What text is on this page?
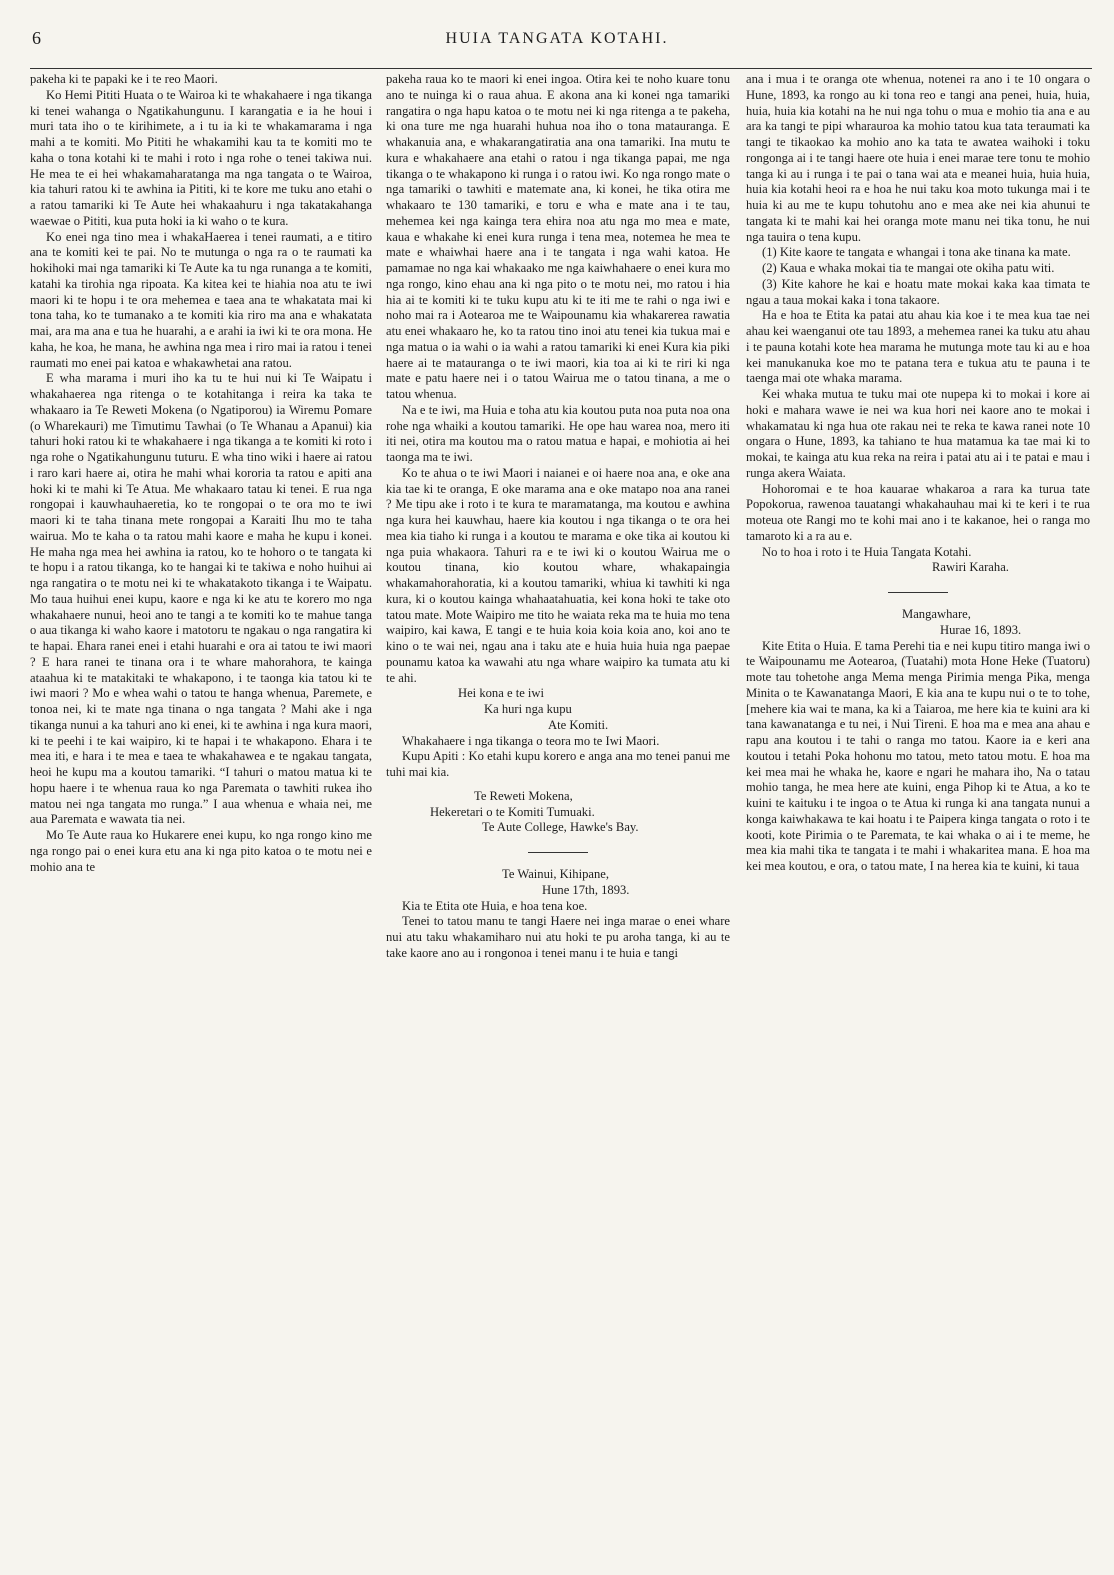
6	HUIA TANGATA KOTAHI.

pakeha ki te papaki ke i te reo Maori.

Ko Hemi Pititi Huata o te Wairoa ki te whakahaere i nga tikanga ki tenei wahanga o Ngatikahungunu. I karangatia e ia he houi i muri tata iho o te kirihimete, a i tu ia ki te whakamarama i nga mahi a te komiti. Mo Pititi he whakamihi kau ta te komiti mo te kaha o tona kotahi ki te mahi i roto i nga rohe o tenei takiwa nui. He mea te ei hei whakamaharatanga ma nga tangata o te Wairoa, kia tahuri ratou ki te awhina ia Pititi, ki te kore me tuku ano etahi o a ratou tamariki ki Te Aute hei whakaahuru i nga takatakahanga waewae o Pititi, kua puta hoki ia ki waho o te kura.

Ko enei nga tino mea i whakaHaerea i tenei raumati, a e titiro ana te komiti kei te pai. No te mutunga o nga ra o te raumati ka hokihoki mai nga tamariki ki Te Aute ka tu nga runanga a te komiti, katahi ka tirohia nga ripoata. Ka kitea kei te hiahia noa atu te iwi maori ki te hopu i te ora mehemea e taea ana te whakatata mai ki tona taha, ko te tumanako a te komiti kia riro ma ana e whakatata mai, ara ma ana e tua he huarahi, a e arahi ia iwi ki te ora mona. He kaha, he koa, he mana, he awhina nga mea i riro mai ia ratou i tenei raumati mo enei pai katoa e whakawhetai ana ratou.

E wha marama i muri iho ka tu te hui nui ki Te Waipatu i whakahaerea nga ritenga o te kotahitanga i reira ka taka te whakaaro ia Te Reweti Mokena (o Ngatiporou) ia Wiremu Pomare (o Wharekauri) me Timutimu Tawhai (o Te Whanau a Apanui) kia tahuri hoki ratou ki te whakahaere i nga tikanga a te komiti ki roto i nga rohe o Ngatikahungunu tuturu. E wha tino wiki i haere ai ratou i raro kari haere ai, otira he mahi whai kororia ta ratou e apiti ana hoki ki te mahi ki Te Atua. Me whakaaro tatau ki tenei. E rua nga rongopai i kauwhauhaeretia, ko te rongopai o te ora mo te iwi maori ki te taha tinana mete rongopai a Karaiti Ihu mo te taha wairua. Mo te kaha o ta ratou mahi kaore e maha he kupu i konei. He maha nga mea hei awhina ia ratou, ko te hohoro o te tangata ki te hopu i a ratou tikanga, ko te hangai ki te takiwa e noho huihui ai nga rangatira o te motu nei ki te whakatakoto tikanga i te Waipatu. Mo taua huihui enei kupu, kaore e nga ki ke atu te korero mo nga whakahaere nunui, heoi ano te tangi a te komiti ko te mahue tanga o aua tikanga ki waho kaore i matotoru te ngakau o nga rangatira ki te hapai. Ehara ranei enei i etahi huarahi e ora ai tatou te iwi maori ? E hara ranei te tinana ora i te whare mahorahora, te kainga ataahua ki te matakitaki te whakapono, i te taonga kia tatou ki te iwi maori ? Mo e whea wahi o tatou te hanga whenua, Paremete, e tonoa nei, ki te mate nga tinana o nga tangata ? Mahi ake i nga tikanga nunui a ka tahuri ano ki enei, ki te awhina i nga kura maori, ki te peehi i te kai waipiro, ki te hapai i te whakapono. Ehara i te mea iti, e hara i te mea e taea te whakahawea e te ngakau tangata, heoi he kupu ma a koutou tamariki. “I tahuri o matou matua ki te hopu haere i te whenua raua ko nga Paremata o tawhiti rukea iho matou nei nga tangata mo runga.” I aua whenua e whaia nei, me aua Paremata e wawata tia nei.

Mo Te Aute raua ko Hukarere enei kupu, ko nga rongo kino me nga rongo pai o enei kura etu ana ki nga pito katoa o te motu nei e mohio ana te

pakeha raua ko te maori ki enei ingoa. Otira kei te noho kuare tonu ano te nuinga ki o raua ahua. E akona ana ki konei nga tamariki rangatira o nga hapu katoa o te motu nei ki nga ritenga a te pakeha, ki ona ture me nga huarahi huhua noa iho o tona matauranga. E whakanuia ana, e whakarangatiratia ana ona tamariki. Ina mutu te kura e whakahaere ana etahi o ratou i nga tikanga papai, me nga tikanga o te whakapono ki runga i o ratou iwi. Ko nga rongo mate o nga tamariki o tawhiti e matemate ana, ki konei, he tika otira me whakaaro te 130 tamariki, e toru e wha e mate ana i te tau, mehemea kei nga kainga tera ehira noa atu nga mo mea e mate, kaua e whakahe ki enei kura runga i tena mea, notemea he mea te mate e whaiwhai haere ana i te tangata i nga wahi katoa. He pamamae no nga kai whakaako me nga kaiwhahaere o enei kura mo nga rongo, kino ehau ana ki nga pito o te motu nei, mo ratou i hia hia ai te komiti ki te tuku kupu atu ki te iti me te rahi o nga iwi e noho mai ra i Aotearoa me te Waipounamu kia whakarerea rawatia atu enei whakaaro he, ko ta ratou tino inoi atu tenei kia tukua mai e nga matua o ia wahi o ia wahi a ratou tamariki ki enei Kura kia piki haere ai te matauranga o te iwi maori, kia toa ai ki te riri ki nga mate e patu haere nei i o tatou Wairua me o tatou tinana, a me o tatou whenua.

Na e te iwi, ma Huia e toha atu kia koutou puta noa puta noa ona rohe nga whaiki a koutou tamariki. He ope hau warea noa, mero iti iti nei, otira ma koutou ma o ratou matua e hapai, e mohiotia ai hei taonga ma te iwi.

Ko te ahua o te iwi Maori i naianei e oi haere noa ana, e oke ana kia tae ki te oranga, E oke marama ana e oke matapo noa ana ranei ? Me tipu ake i roto i te kura te maramatanga, ma koutou e awhina nga kura hei kauwhau, haere kia koutou i nga tikanga o te ora hei mea kia tiaho ki runga i a koutou te marama e oke tika ai koutou ki nga puia whakaora. Tahuri ra e te iwi ki o koutou Wairua me o koutou tinana, kio koutou whare, whakapaingia whakamahorahoratia, ki a koutou tamariki, whiua ki tawhiti ki nga kura, ki o koutou kainga whahaatahuatia, kei kona hoki te take oto tatou mate. Mote Waipiro me tito he waiata reka ma te huia mo tena waipiro, kai kawa, E tangi e te huia koia koia koia ano, koi ano te kino o te wai nei, ngau ana i taku ate e huia huia huia nga paepae pounamu katoa ka wawahi atu nga whare waipiro ka tumata atu ki te ahi.

Hei kona e te iwi

Ka huri nga kupu

Ate Komiti.

Whakahaere i nga tikanga o teora mo te Iwi Maori.

Kupu Apiti : Ko etahi kupu korero e anga ana mo tenei panui me tuhi mai kia.

Te Reweti Mokena,

Hekeretari o te Komiti Tumuaki.

Te Aute College, Hawke's Bay.

Te Wainui, Kihipane,

Hune 17th, 1893.

Kia te Etita ote Huia, e hoa tena koe.

Tenei to tatou manu te tangi Haere nei inga marae o enei whare nui atu taku whakamiharo nui atu hoki te pu aroha tanga, ki au te take kaore ano au i rongonoa i tenei manu i te huia e tangi

ana i mua i te oranga ote whenua, notenei ra ano i te 10 ongara o Hune, 1893, ka rongo au ki tona reo e tangi ana penei, huia, huia, huia, huia kia kotahi na he nui nga tohu o mua e mohio tia ana e au ara ka tangi te pipi wharauroa ka mohio tatou kua tata teraumati ka tangi te tikaokao ka mohio ano ka tata te awatea waihoki i toku rongonga ai i te tangi haere ote huia i enei marae tere tonu te mohio tanga ki au i runga i te pai o tana wai ata e meanei huia, huia huia, huia kia kotahi heoi ra e hoa he nui taku koa moto tukunga mai i te huia ki au me te kupu tohutohu ano e mea ake nei kia ahunui te tangata ki te mahi kai hei oranga mote manu nei tika tonu, he nui nga tauira o tena kupu.

(1) Kite kaore te tangata e whangai i tona ake tinana ka mate.

(2) Kaua e whaka mokai tia te mangai ote okiha patu witi.

(3) Kite kahore he kai e hoatu mate mokai kaka kaa timata te ngau a taua mokai kaka i tona takaore.

Ha e hoa te Etita ka patai atu ahau kia koe i te mea kua tae nei ahau kei waenganui ote tau 1893, a mehemea ranei ka tuku atu ahau i te pauna kotahi kote hea marama he mutunga mote tau ki au e hoa kei manukanuka koe mo te patana tera e tukua atu te pauna i te taenga mai ote whaka marama.

Kei whaka mutua te tuku mai ote nupepa ki to mokai i kore ai hoki e mahara wawe ie nei wa kua hori nei kaore ano te mokai i whakamatau ki nga hua ote rakau nei te reka te kawa ranei note 10 ongara o Hune, 1893, ka tahiano te hua matamua ka tae mai ki to mokai, te kainga atu kua reka na reira i patai atu ai i te patai e mau i runga akera Waiata.

Hohoromai e te hoa kauarae whakaroa a rara ka turua tate Popokorua, rawenoa tauatangi whakahauhau mai ki te keri i te rua moteua ote Rangi mo te kohi mai ano i te kakanoe, hei o ranga mo tamaroto ki a ra au e.

No to hoa i roto i te Huia Tangata Kotahi.

Rawiri Karaha.

Mangawhare,

Hurae 16, 1893.

Kite Etita o Huia. E tama Perehi tia e nei kupu titiro manga iwi o te Waipounamu me Aotearoa, (Tuatahi) mota Hone Heke (Tuatoru) mote tau tohetohe anga Mema menga Pirimia menga Pika, menga Minita o te Kawanatanga Maori, E kia ana te kupu nui o te to tohe, [mehere kia wai te mana, ka ki a Taiaroa, me here kia te kuini ara ki tana kawanatanga e tu nei, i Nui Tireni. E hoa ma e mea ana ahau e rapu ana koutou i te tahi o ranga mo tatou. Kaore ia e keri ana koutou i tetahi Poka hohonu mo tatou, meto tatou motu. E hoa ma kei mea mai he whaka he, kaore e ngari he mahara iho, Na o tatau mohio tanga, he mea here ate kuini, enga Pihop ki te Atua, a ko te kuini te kaituku i te ingoa o te Atua ki runga ki ana tangata nunui a konga kaiwhakawa te kai hoatu i te Paipera kinga tangata o roto i te kooti, kote Pirimia o te Paremata, te kai whaka o ai i te meme, he mea kia mahi tika te tangata i te mahi i whakaritea mana. E hoa ma kei mea koutou, e ora, o tatou mate, I na herea kia te kuini, ki taua
